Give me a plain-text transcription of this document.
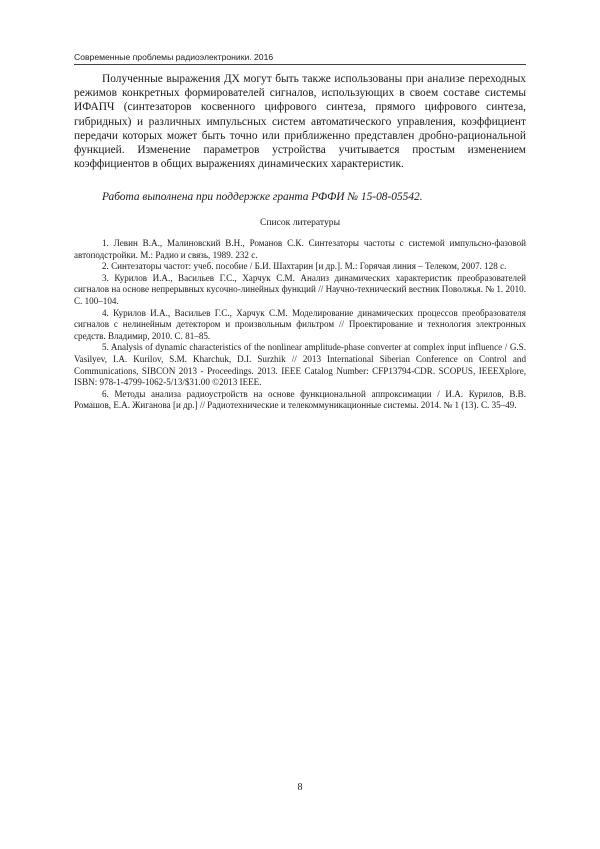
Современные проблемы радиоэлектроники. 2016

Полученные выражения ДХ могут быть также использованы при анализе переходных режимов конкретных формирователей сигналов, использующих в своем составе системы ИФАПЧ (синтезаторов косвенного цифрового синтеза, прямого цифрового синтеза, гибридных) и различных импульсных систем автоматического управления, коэффициент передачи которых может быть точно или приближенно представлен дробно-рациональной функцией. Изменение параметров устройства учитывается простым изменением коэффициентов в общих выражениях динамических характеристик.

Работа выполнена при поддержке гранта РФФИ № 15-08-05542.

Список литературы

1. Левин В.А., Малиновский В.Н., Романов С.К. Синтезаторы частоты с системой импульсно-фазовой автоподстройки. М.: Радио и связь, 1989. 232 с.
2. Синтезаторы частот: учеб. пособие / Б.И. Шахтарин [и др.]. М.: Горячая линия – Телеком, 2007. 128 с.
3. Курилов И.А., Васильев Г.С., Харчук С.М. Анализ динамических характеристик преобразователей сигналов на основе непрерывных кусочно-линейных функций // Научно-технический вестник Поволжья. № 1. 2010. С. 100–104.
4. Курилов И.А., Васильев Г.С., Харчук С.М. Моделирование динамических процессов преобразователя сигналов с нелинейным детектором и произвольным фильтром // Проектирование и технология электронных средств. Владимир, 2010. С. 81–85.
5. Analysis of dynamic characteristics of the nonlinear amplitude-phase converter at complex input influence / G.S. Vasilyev, I.A. Kurilov, S.M. Kharchuk, D.I. Surzhik // 2013 International Siberian Conference on Control and Communications, SIBCON 2013 - Proceedings. 2013. IEEE Catalog Number: CFP13794-CDR. SCOPUS, IEEEXplore, ISBN: 978-1-4799-1062-5/13/$31.00 ©2013 IEEE.
6. Методы анализа радиоустройств на основе функциональной аппроксимации / И.А. Курилов, В.В. Ромашов, Е.А. Жиганова [и др.] // Радиотехнические и телекоммуникационные системы. 2014. № 1 (13). С. 35–49.
8
